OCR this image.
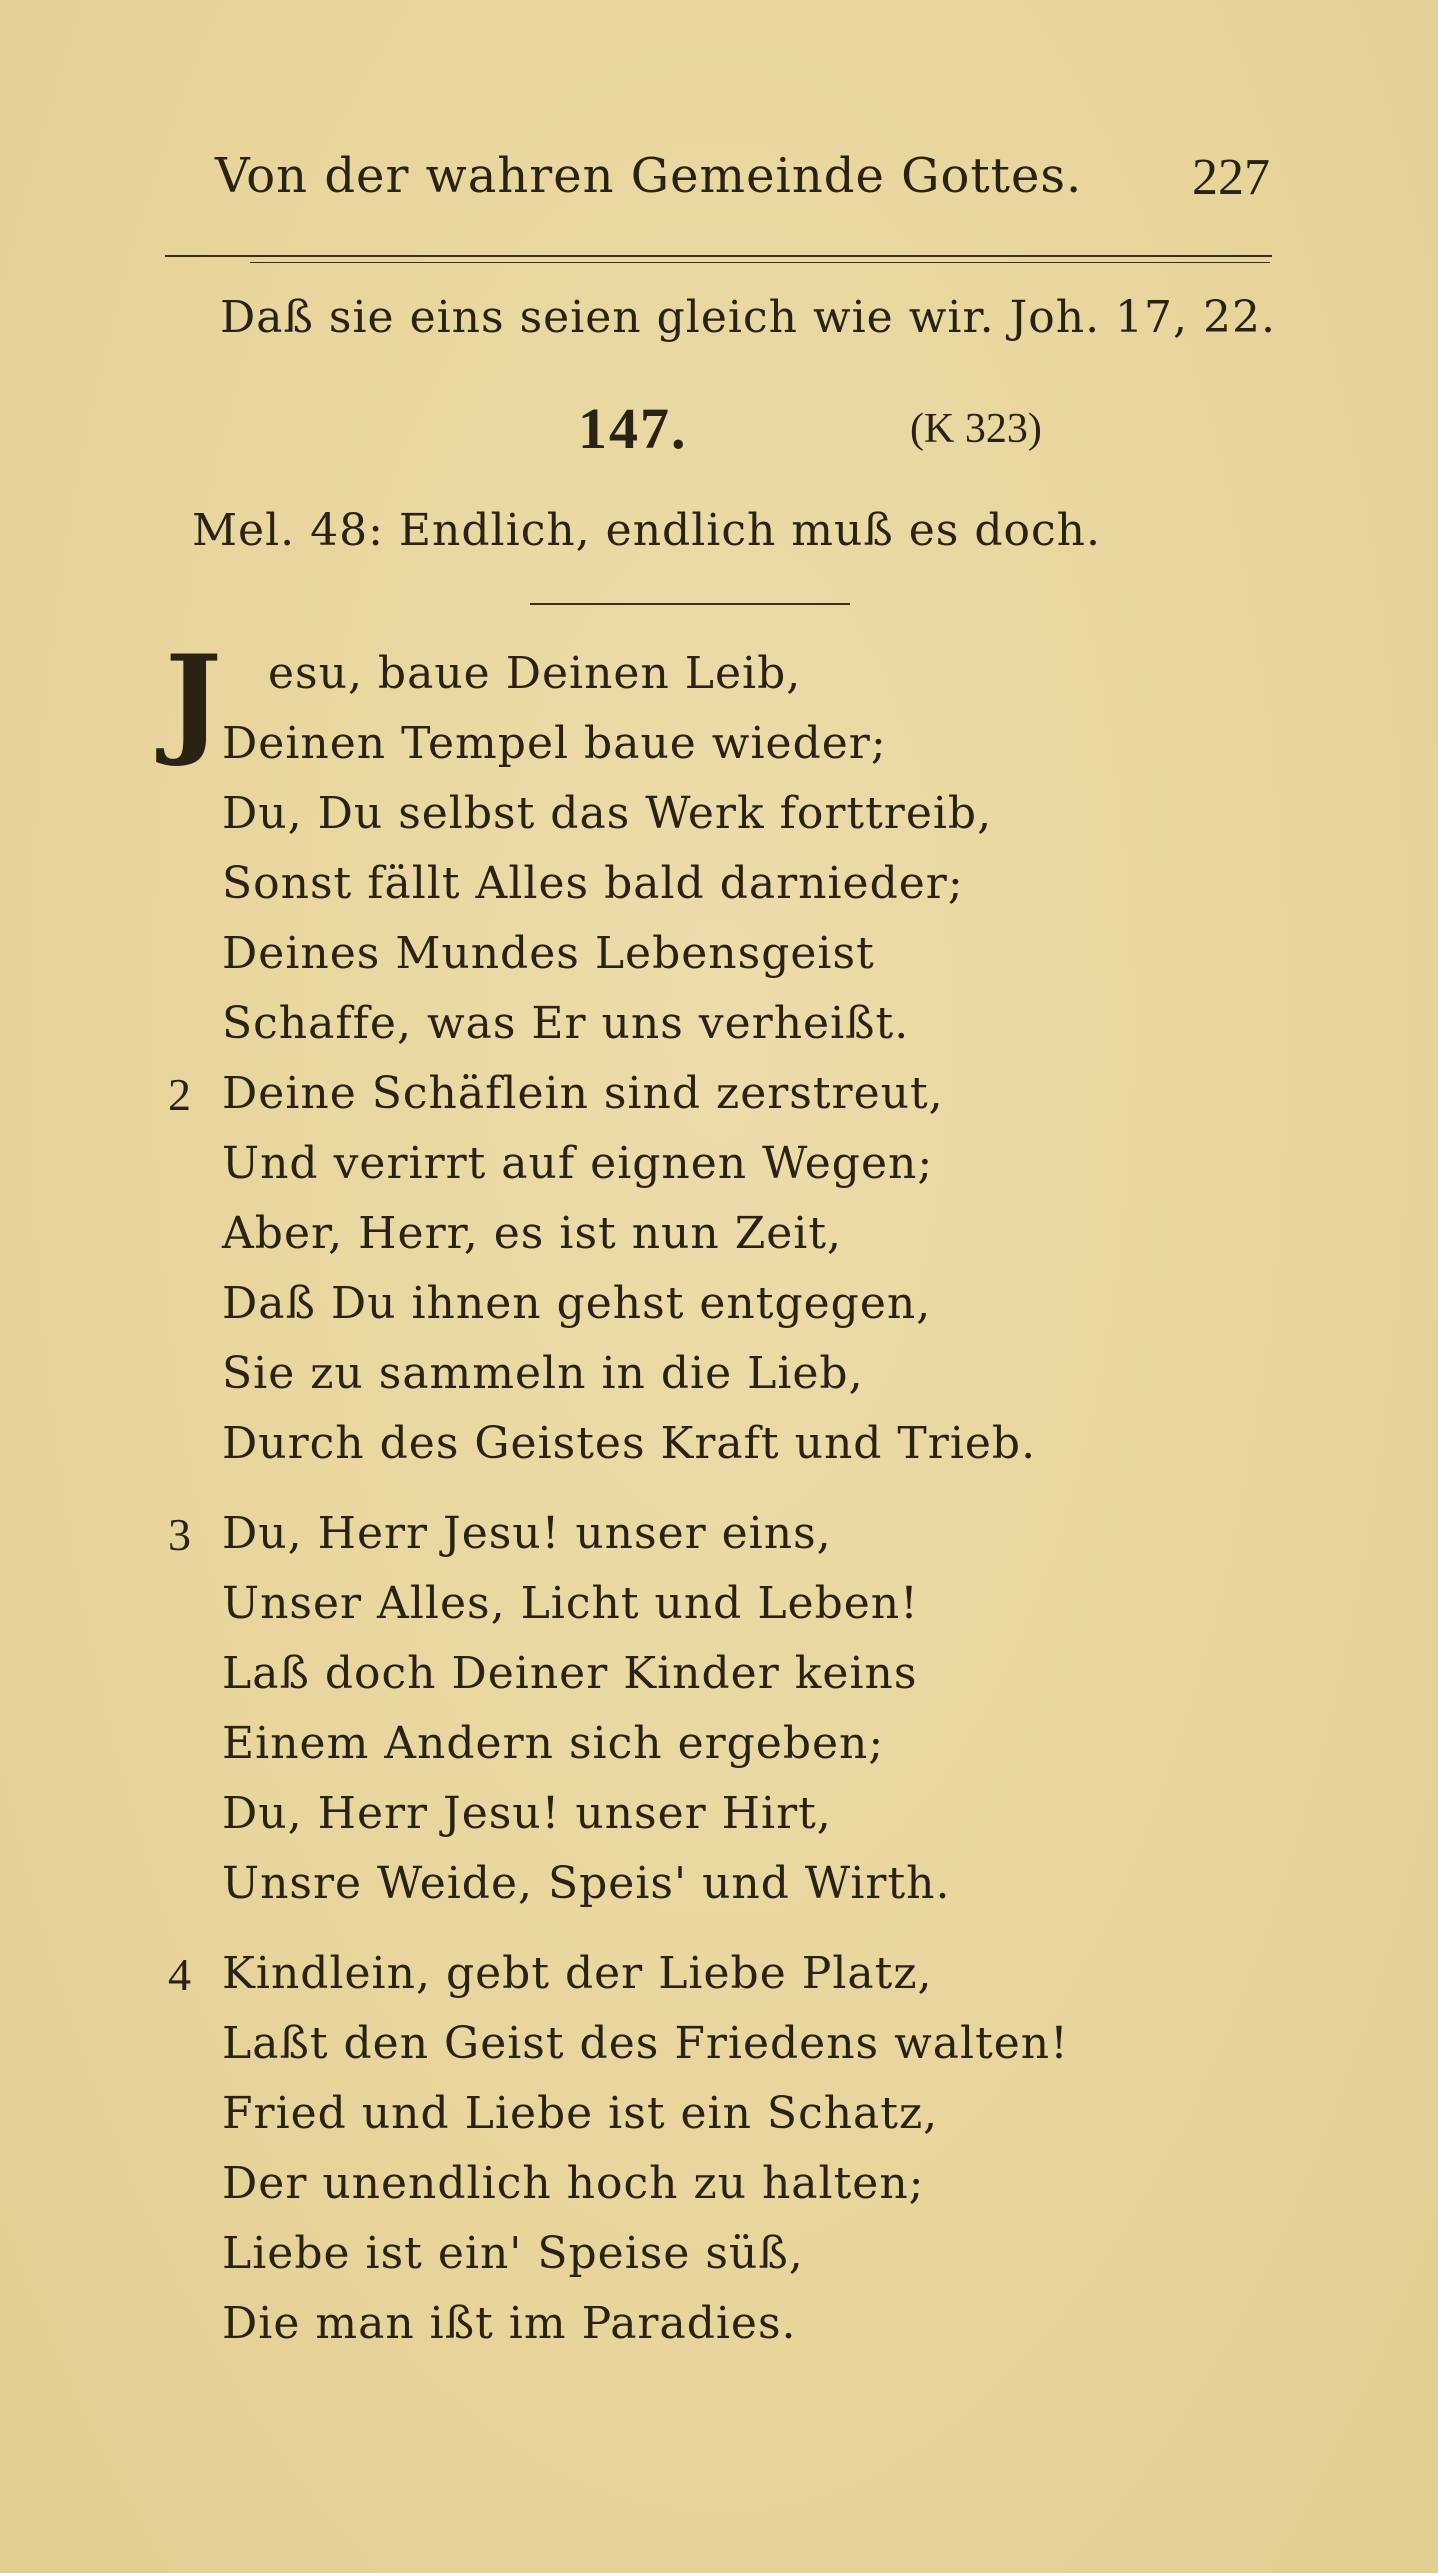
Von der wahren Gemeinde Gottes. 227
Daß sie eins seien gleich wie wir. Joh. 17, 22.
147.	(K 323)
Mel. 48: Endlich, endlich muß es doch.
J esu, baue Deinen Leib,
Deinen Tempel baue wieder;
Du, Du selbst das Werk forttreib,
Sonst fällt Alles bald darnieder;
Deines Mundes Lebensgeist
Schaffe, was Er uns verheißt.
2 Deine Schäflein sind zerstreut,
Und verirrt auf eignen Wegen;
Aber, Herr, es ist nun Zeit,
Daß Du ihnen gehst entgegen,
Sie zu sammeln in die Lieb,
Durch des Geistes Kraft und Trieb.
3 Du, Herr Jesu! unser eins,
Unser Alles, Licht und Leben!
Laß doch Deiner Kinder keins
Einem Andern sich ergeben;
Du, Herr Jesu! unser Hirt,
Unsre Weide, Speis' und Wirth.
4 Kindlein, gebt der Liebe Platz,
Laßt den Geist des Friedens walten!
Fried und Liebe ist ein Schatz,
Der unendlich hoch zu halten;
Liebe ist ein' Speise süß,
Die man ißt im Paradies.
